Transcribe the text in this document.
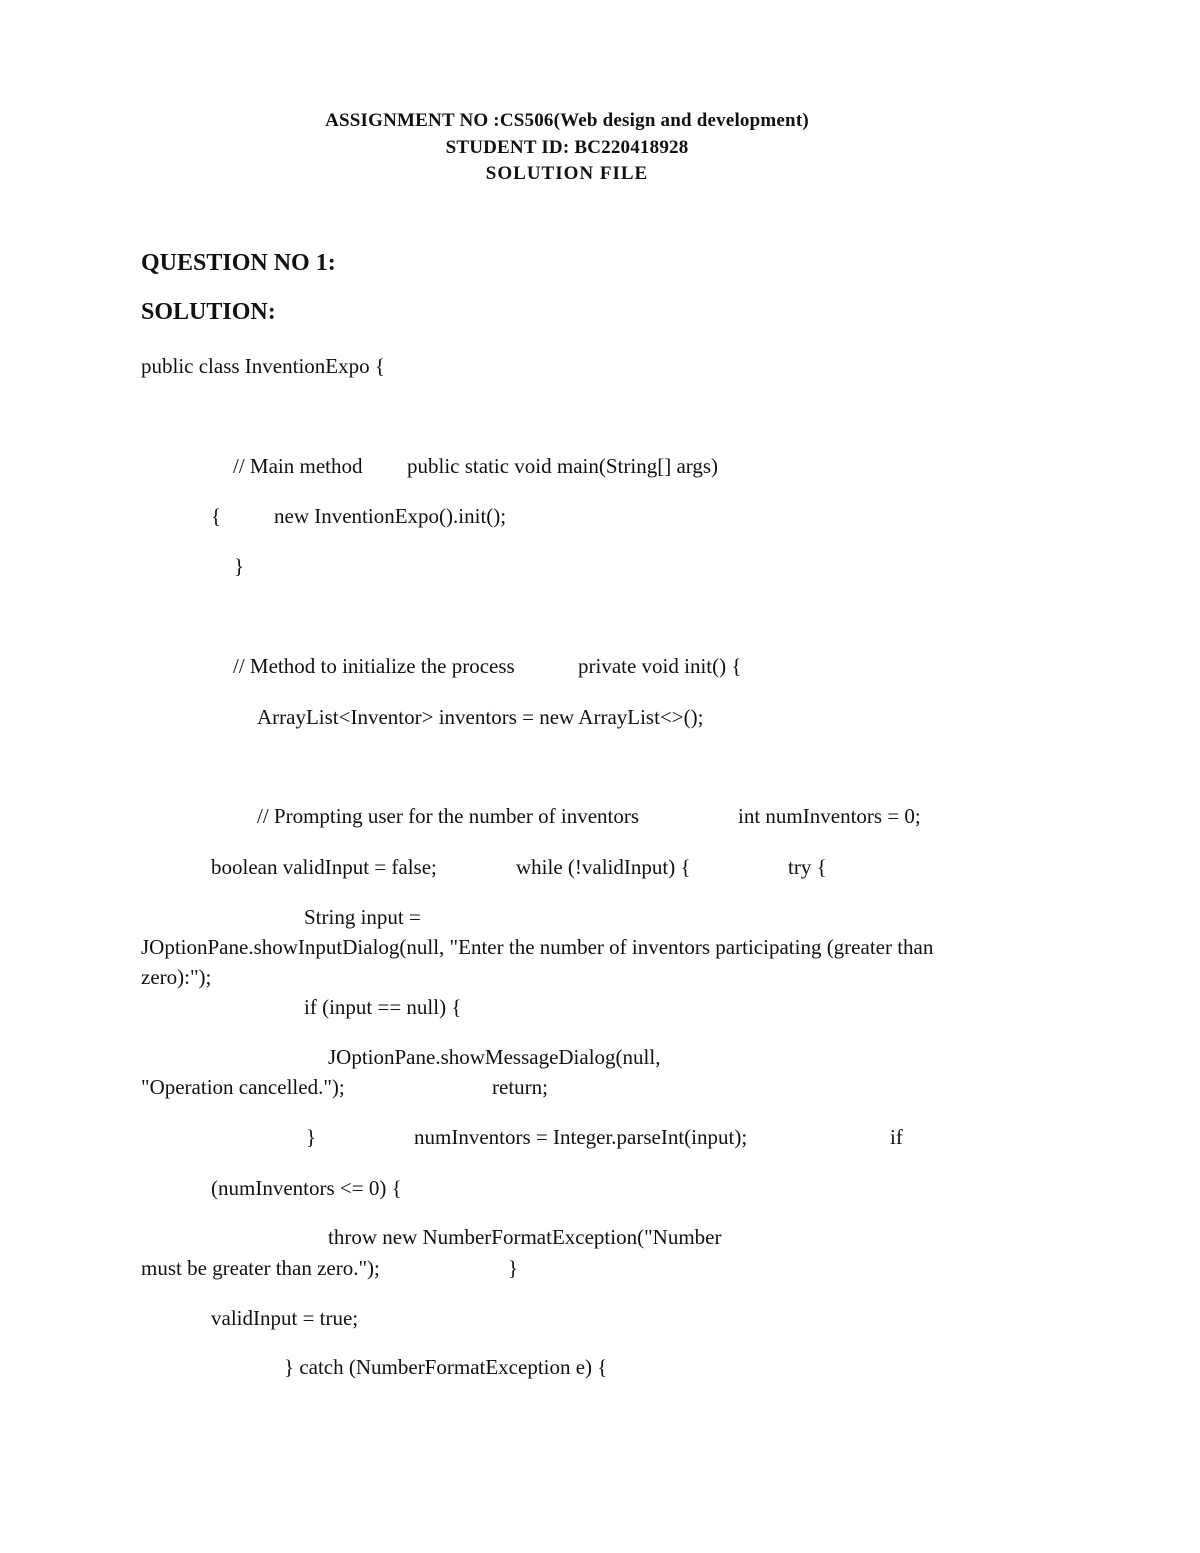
ASSIGNMENT NO :CS506(Web design and development)
STUDENT ID: BC220418928
SOLUTION FILE
QUESTION NO 1:
SOLUTION:
public class InventionExpo {
// Main method public static void main(String[] args)
{	new InventionExpo().init();
}
// Method to initialize the process	private void init() {
ArrayList<Inventor> inventors = new ArrayList<>();
// Prompting user for the number of inventors	int numInventors = 0;
boolean validInput = false;	while (!validInput) {	try {
String input =
JOptionPane.showInputDialog(null, "Enter the number of inventors participating (greater than
zero):");
if (input == null) {
JOptionPane.showMessageDialog(null,
"Operation cancelled.");	return;
}	numInventors = Integer.parseInt(input);	if
(numInventors <= 0) {
throw new NumberFormatException("Number
must be greater than zero.");	}
validInput = true;
} catch (NumberFormatException e) {
